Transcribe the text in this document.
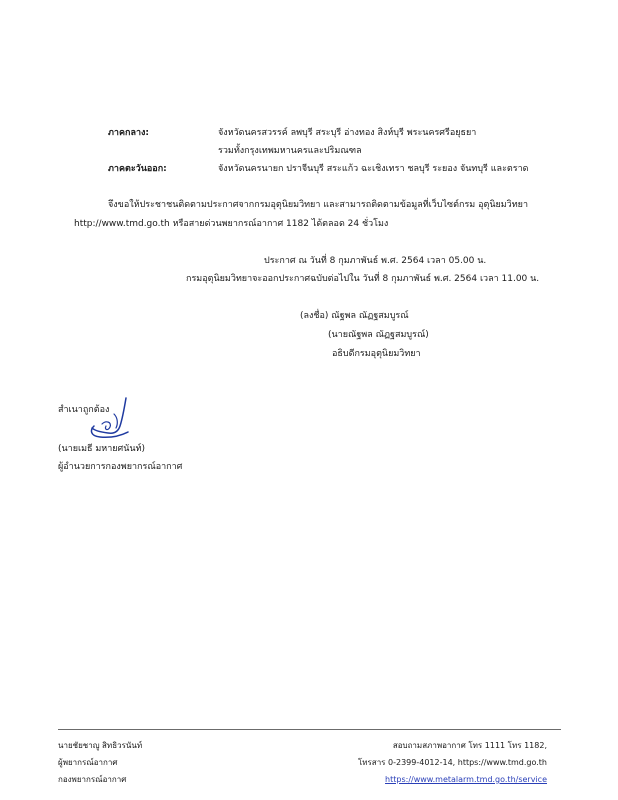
ภาคกลาง:	จังหวัดนครสวรรค์ ลพบุรี สระบุรี อ่างทอง สิงห์บุรี พระนครศรีอยุธยา
รวมทั้งกรุงเทพมหานครและปริมณฑล
ภาคตะวันออก:	จังหวัดนครนายก ปราจีนบุรี สระแก้ว ฉะเชิงเทรา ชลบุรี ระยอง จันทบุรี และตราด
จึงขอให้ประชาชนติดตามประกาศจากกรมอุตุนิยมวิทยา และสามารถติดตามข้อมูลที่เว็บไซต์กรม อุตุนิยมวิทยา
http://www.tmd.go.th หรือสายด่วนพยากรณ์อากาศ 1182 ได้ตลอด 24 ชั่วโมง
ประกาศ ณ วันที่ 8 กุมภาพันธ์ พ.ศ. 2564 เวลา 05.00 น.
กรมอุตุนิยมวิทยาจะออกประกาศฉบับต่อไปใน วันที่ 8 กุมภาพันธ์ พ.ศ. 2564 เวลา 11.00 น.
(ลงชื่อ) ณัฐพล ณัฏฐสมบูรณ์
(นายณัฐพล ณัฏฐสมบูรณ์)
อธิบดีกรมอุตุนิยมวิทยา
สำเนาถูกต้อง
(นายเมธี มหายศนันท์)
ผู้อำนวยการกองพยากรณ์อากาศ
นายชัยชาญู สิทธิวรนันท์
ผู้พยากรณ์อากาศ
กองพยากรณ์อากาศ
สอบถามสภาพอากาศ โทร 1111 โทร 1182,
โทรสาร 0-2399-4012-14, https://www.tmd.go.th
https://www.metalarm.tmd.go.th/service
